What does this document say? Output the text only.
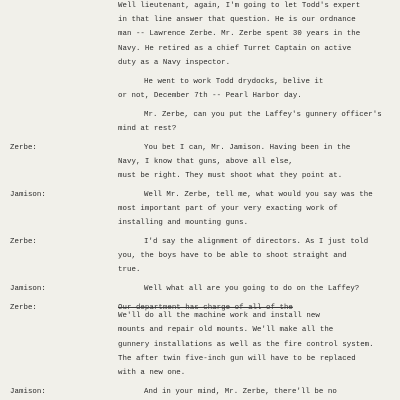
Well lieutenant, again, I'm going to let Todd's expert
in that line answer that question. He is our ordnance
man -- Lawrence Zerbe. Mr. Zerbe spent 30 years in the
Navy. He retired as a chief Turret Captain on active
duty as a Navy inspector.
He went to work Todd drydocks, belive it
or not, December 7th -- Pearl Harbor day.
Mr. Zerbe, can you put the Laffey's gunnery officer's
mind at rest?
Zerbe:	You bet I can, Mr. Jamison. Having been in the
Navy, I know that guns, above all else,
must be right. They must shoot what they point at.
Jamison:	Well Mr. Zerbe, tell me, what would you say was the
most important part of your very exacting work of
installing and mounting guns.
Zerbe:	I'd say the alignment of directors. As I just told
you, the boys have to be able to shoot straight and
true.
Jamison:	Well what all are you going to do on the Laffey?
Zerbe:	Our department has charge of all of the
We'll do all the machine work and install new
mounts and repair old mounts. We'll make all the
gunnery installations as well as the fire control system.
The after twin five-inch gun will have to be replaced
with a new one.
Jamison:	And in your mind, Mr. Zerbe, there'll be no
